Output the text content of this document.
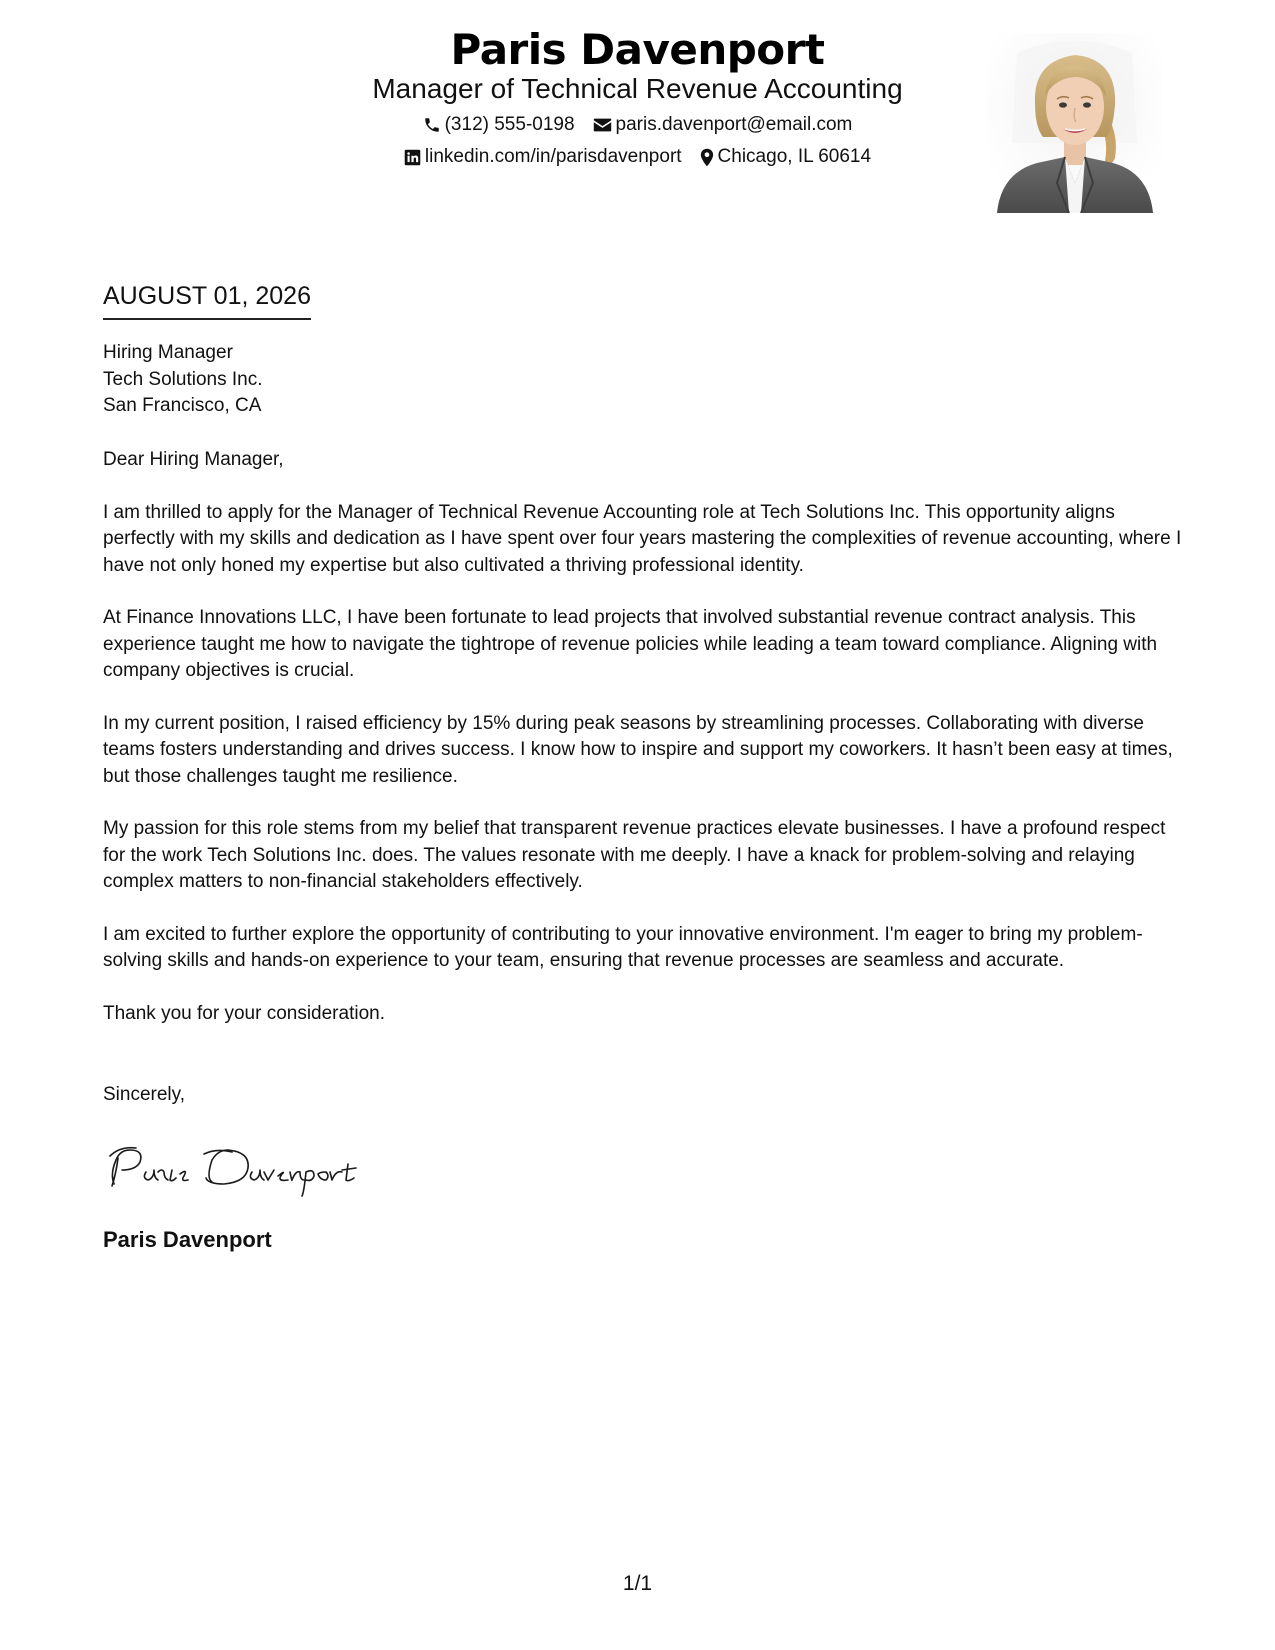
Paris Davenport
Manager of Technical Revenue Accounting
(312) 555-0198 paris.davenport@email.com
linkedin.com/in/parisdavenport Chicago, IL 60614
AUGUST 01, 2026
Hiring Manager
Tech Solutions Inc.
San Francisco, CA

Dear Hiring Manager,

I am thrilled to apply for the Manager of Technical Revenue Accounting role at Tech Solutions Inc. This opportunity aligns perfectly with my skills and dedication as I have spent over four years mastering the complexities of revenue accounting, where I have not only honed my expertise but also cultivated a thriving professional identity.

At Finance Innovations LLC, I have been fortunate to lead projects that involved substantial revenue contract analysis. This experience taught me how to navigate the tightrope of revenue policies while leading a team toward compliance. Aligning with company objectives is crucial.

In my current position, I raised efficiency by 15% during peak seasons by streamlining processes. Collaborating with diverse teams fosters understanding and drives success. I know how to inspire and support my coworkers. It hasn’t been easy at times, but those challenges taught me resilience.

My passion for this role stems from my belief that transparent revenue practices elevate businesses. I have a profound respect for the work Tech Solutions Inc. does. The values resonate with me deeply. I have a knack for problem-solving and relaying complex matters to non-financial stakeholders effectively.

I am excited to further explore the opportunity of contributing to your innovative environment. I'm eager to bring my problem-solving skills and hands-on experience to your team, ensuring that revenue processes are seamless and accurate.

Thank you for your consideration.

Sincerely,
Paris Davenport
1/1
